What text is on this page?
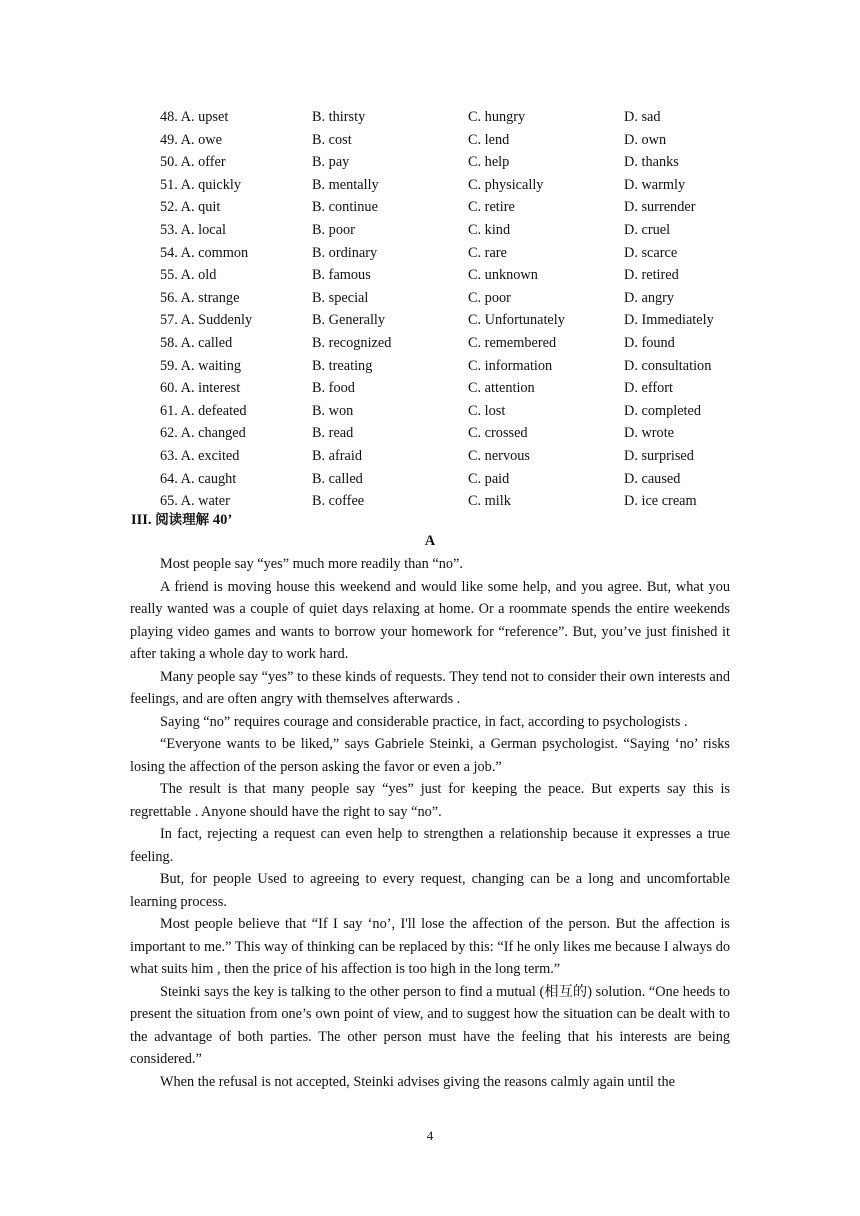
48. A. upset	B. thirsty	C. hungry	D. sad
49. A. owe	B. cost	C. lend	D. own
50. A. offer	B. pay	C. help	D. thanks
51. A. quickly	B. mentally	C. physically	D. warmly
52. A. quit	B. continue	C. retire	D. surrender
53. A. local	B. poor	C. kind	D. cruel
54. A. common	B. ordinary	C. rare	D. scarce
55. A. old	B. famous	C. unknown	D. retired
56. A. strange	B. special	C. poor	D. angry
57. A. Suddenly	B. Generally	C. Unfortunately	D. Immediately
58. A. called	B. recognized	C. remembered	D. found
59. A. waiting	B. treating	C. information	D. consultation
60. A. interest	B. food	C. attention	D. effort
61. A. defeated	B. won	C. lost	D. completed
62. A. changed	B. read	C. crossed	D. wrote
63. A. excited	B. afraid	C. nervous	D. surprised
64. A. caught	B. called	C. paid	D. caused
65. A. water	B. coffee	C. milk	D. ice cream
III. 阅读理解 40’
A

Most people say “yes” much more readily than “no”.

A friend is moving house this weekend and would like some help, and you agree. But, what you really wanted was a couple of quiet days relaxing at home. Or a roommate spends the entire weekends playing video games and wants to borrow your homework for “reference”. But, you’ve just finished it after taking a whole day to work hard.

Many people say “yes” to these kinds of requests. They tend not to consider their own interests and feelings, and are often angry with themselves afterwards .

Saying “no” requires courage and considerable practice, in fact, according to psychologists .

“Everyone wants to be liked,” says Gabriele Steinki, a German psychologist. “Saying ‘no’ risks losing the affection of the person asking the favor or even a job.”

The result is that many people say “yes” just for keeping the peace. But experts say this is regrettable . Anyone should have the right to say “no”.

In fact, rejecting a request can even help to strengthen a relationship because it expresses a true feeling.

But, for people Used to agreeing to every request, changing can be a long and uncomfortable learning process.

Most people believe that “If I say ‘no’, I'll lose the affection of the person. But the affection is important to me.” This way of thinking can be replaced by this: “If he only likes me because I always do what suits him , then the price of his affection is too high in the long term.”

Steinki says the key is talking to the other person to find a mutual (相互的) solution. “One heeds to present the situation from one’s own point of view, and to suggest how the situation can be dealt with to the advantage of both parties. The other person must have the feeling that his interests are being considered.”

When the refusal is not accepted, Steinki advises giving the reasons calmly again until the

4
